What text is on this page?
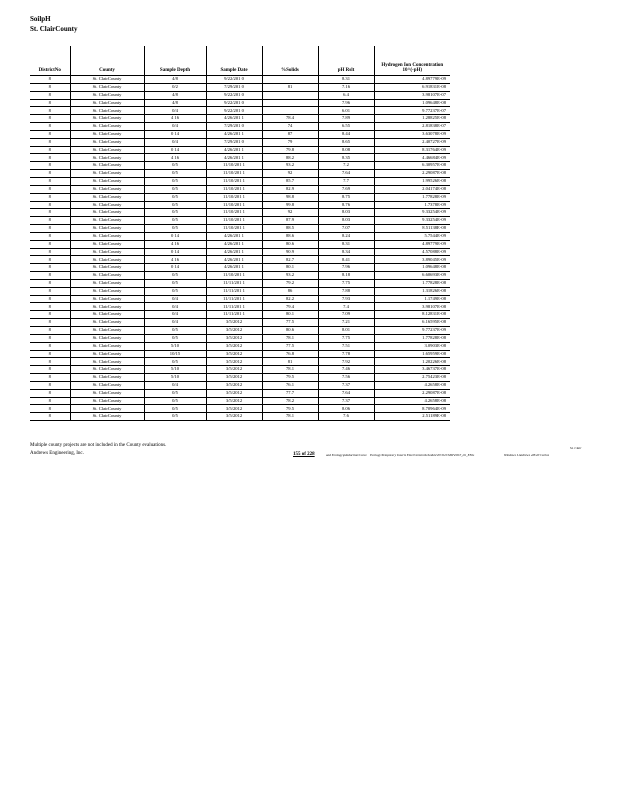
SoilpH
St. ClairCounty
DistrictNo	County	Sample Depth	Sample Date	%Solids	pH Rslt	Hydrogen Ion Concentration 10^(-pH)
8	St. ClairCounty	4/8	9/22/201 0		8.31	4.89779E-09
8	St. ClairCounty	0/2	7/29/201 0	81	7.16	6.91831E-08
8	St. ClairCounty	4/8	9/22/201 0		6.4	3.98107E-07
8	St. ClairCounty	4/8	9/22/201 0		7.96	1.09648E-08
8	St. ClairCounty	0/4	9/22/201 0		6.01	9.77237E-07
8	St. ClairCounty	4 16	4/26/201 1	78.4	7.89	1.28825E-08
8	St. ClairCounty	0/4	7/29/201 0	74	6.55	2.81838E-07
8	St. ClairCounty	0 14	4/26/201 1	87	8.44	3.63078E-09
8	St. ClairCounty	0/4	7/29/201 0	79	8.65	2.40727E-09
8	St. ClairCounty	0 14	4/26/201 1	79.8	8.08	8.31764E-09
8	St. ClairCounty	4 16	4/26/201 1	88.2	8.35	4.46684E-09
8	St. ClairCounty	0/5	11/10/201 1	93.2	7.2	6.30957E-08
8	St. ClairCounty	0/5	11/10/201 1	92	7.64	2.29087E-08
8	St. ClairCounty	0/5	11/10/201 1	85.7	7.7	1.99526E-08
8	St. ClairCounty	0/5	11/10/201 1	82.9	7.69	2.04174E-08
8	St. ClairCounty	0/5	11/10/201 1	98.8	8.75	1.77828E-09
8	St. ClairCounty	0/5	11/10/201 1	99.8	8.76	1.7378E-09
8	St. ClairCounty	0/5	11/10/201 1	92	8.03	9.33254E-09
8	St. ClairCounty	0/5	11/10/201 1	87.9	8.03	9.33254E-09
8	St. ClairCounty	0/5	11/10/201 1	88.5	7.07	8.51138E-08
8	St. ClairCounty	0 14	4/26/201 1	88.6	8.24	5.7544E-09
8	St. ClairCounty	4 16	4/26/201 1	80.6	8.31	4.89779E-09
8	St. ClairCounty	0 14	4/26/201 1	90.9	8.34	4.57088E-09
8	St. ClairCounty	4 16	4/26/201 1	82.7	8.41	3.89045E-09
8	St. ClairCounty	0 14	4/26/201 1	80.1	7.96	1.09648E-08
8	St. ClairCounty	0/5	11/10/201 1	93.2	8.18	6.60693E-09
8	St. ClairCounty	0/5	11/11/201 1	79.2	7.75	1.77828E-08
8	St. ClairCounty	0/5	11/11/201 1	86	7.88	1.31826E-08
8	St. ClairCounty	0/4	11/11/201 1	82.2	7.93	1.1749E-08
8	St. ClairCounty	0/4	11/11/201 1	79.4	7.4	3.98107E-08
8	St. ClairCounty	0/4	11/11/201 1	80.1	7.09	8.12831E-08
8	St. ClairCounty	0/4	3/5/2012	77.5	7.21	6.16595E-08
8	St. ClairCounty	0/5	3/5/2012	80.6	8.01	9.77237E-09
8	St. ClairCounty	0/5	3/5/2012	78.1	7.75	1.77828E-08
8	St. ClairCounty	5/10	3/5/2012	77.5	7.51	3.0903E-08
8	St. ClairCounty	10/15	3/5/2012	76.8	7.78	1.65959E-08
8	St. ClairCounty	0/5	3/5/2012	81	7.92	1.20226E-08
8	St. ClairCounty	5/10	3/5/2012	78.1	7.46	3.46737E-08
8	St. ClairCounty	5/10	3/5/2012	79.5	7.56	2.75423E-08
8	St. ClairCounty	0/4	3/5/2012	76.1	7.37	4.2658E-08
8	St. ClairCounty	0/5	3/5/2012	77.7	7.64	2.29087E-08
8	St. ClairCounty	0/5	3/5/2012	78.2	7.37	4.2658E-08
8	St. ClairCounty	0/5	3/5/2012	79.5	8.06	8.70964E-09
8	St. ClairCounty	0/5	3/5/2012	78.1	7.6	2.51189E-08
Multiple county projects are not included in the County evaluations.
Andrews Engineering, Inc.	155 of 228	and Ecology\pdeduction\Cara\ Ecology\Temporary Inserts ElectCertain\Schedule\NCO2CMW\DOT_eli_ENG	Windows I Andrews 4/8/20 Carlos
St. Clair
